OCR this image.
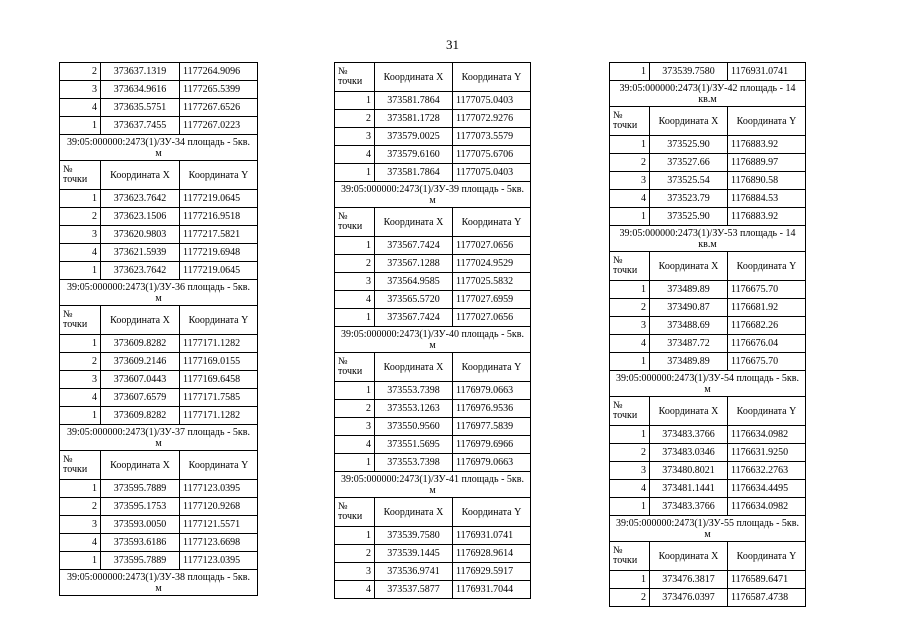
31
2	373637.1319	1177264.9096
3	373634.9616	1177265.5399
4	373635.5751	1177267.6526
1	373637.7455	1177267.0223
39:05:000000:2473(1)/ЗУ-34 площадь - 5кв. м		
№ точки	Координата X	Координата Y
1	373623.7642	1177219.0645
2	373623.1506	1177216.9518
3	373620.9803	1177217.5821
4	373621.5939	1177219.6948
1	373623.7642	1177219.0645
39:05:000000:2473(1)/ЗУ-36 площадь - 5кв. м		
№ точки	Координата X	Координата Y
1	373609.8282	1177171.1282
2	373609.2146	1177169.0155
3	373607.0443	1177169.6458
4	373607.6579	1177171.7585
1	373609.8282	1177171.1282
39:05:000000:2473(1)/ЗУ-37 площадь - 5кв. м		
№ точки	Координата X	Координата Y
1	373595.7889	1177123.0395
2	373595.1753	1177120.9268
3	373593.0050	1177121.5571
4	373593.6186	1177123.6698
1	373595.7889	1177123.0395
39:05:000000:2473(1)/ЗУ-38 площадь - 5кв. м		
№ точки	Координата X	Координата Y
1	373581.7864	1177075.0403
2	373581.1728	1177072.9276
3	373579.0025	1177073.5579
4	373579.6160	1177075.6706
1	373581.7864	1177075.0403
39:05:000000:2473(1)/ЗУ-39 площадь - 5кв. м		
№ точки	Координата X	Координата Y
1	373567.7424	1177027.0656
2	373567.1288	1177024.9529
3	373564.9585	1177025.5832
4	373565.5720	1177027.6959
1	373567.7424	1177027.0656
39:05:000000:2473(1)/ЗУ-40 площадь - 5кв. м		
№ точки	Координата X	Координата Y
1	373553.7398	1176979.0663
2	373553.1263	1176976.9536
3	373550.9560	1176977.5839
4	373551.5695	1176979.6966
1	373553.7398	1176979.0663
39:05:000000:2473(1)/ЗУ-41 площадь - 5кв. м		
№ точки	Координата X	Координата Y
1	373539.7580	1176931.0741
2	373539.1445	1176928.9614
3	373536.9741	1176929.5917
4	373537.5877	1176931.7044
1	373539.7580	1176931.0741
39:05:000000:2473(1)/ЗУ-42 площадь - 14 кв.м		
№ точки	Координата X	Координата Y
1	373525.90	1176883.92
2	373527.66	1176889.97
3	373525.54	1176890.58
4	373523.79	1176884.53
1	373525.90	1176883.92
39:05:000000:2473(1)/ЗУ-53 площадь - 14 кв.м		
№ точки	Координата X	Координата Y
1	373489.89	1176675.70
2	373490.87	1176681.92
3	373488.69	1176682.26
4	373487.72	1176676.04
1	373489.89	1176675.70
39:05:000000:2473(1)/ЗУ-54 площадь - 5кв. м		
№ точки	Координата X	Координата Y
1	373483.3766	1176634.0982
2	373483.0346	1176631.9250
3	373480.8021	1176632.2763
4	373481.1441	1176634.4495
1	373483.3766	1176634.0982
39:05:000000:2473(1)/ЗУ-55 площадь - 5кв. м		
№ точки	Координата X	Координата Y
1	373476.3817	1176589.6471
2	373476.0397	1176587.4738
